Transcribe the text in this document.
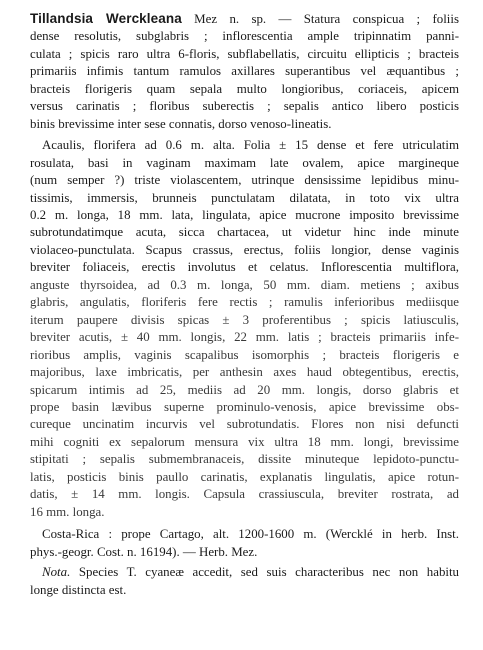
Tillandsia Werckleana Mez n. sp. — Statura conspicua ; foliis
dense resolutis, subglabris ; inflorescentia ample tripinnatim panni-
culata ; spicis raro ultra 6-floris, subflabellatis, circuitu ellipticis ; bracteis
primariis infimis tantum ramulos axillares superantibus vel æquantibus ;
bracteis florigeris quam sepala multo longioribus, coriaceis, apicem
versus carinatis ; floribus suberectis ; sepalis antico libero posticis
binis brevissime inter sese connatis, dorso venoso-lineatis.
Acaulis, florifera ad 0.6 m. alta. Folia ± 15 dense et fere utriculatim
rosulata, basi in vaginam maximam late ovalem, apice margineque
(num semper ?) triste violascentem, utrinque densissime lepidibus minu-
tissimis, immersis, brunneis punctulatam dilatata, in toto vix ultra
0.2 m. longa, 18 mm. lata, lingulata, apice mucrone imposito brevissime
subrotundatimque acuta, sicca chartacea, ut videtur hinc inde minute
violaceo-punctulata. Scapus crassus, erectus, foliis longior, dense vaginis
breviter foliaceis, erectis involutus et celatus. Inflorescentia multiflora,
anguste thyrsoidea, ad 0.3 m. longa, 50 mm. diam. metiens ; axibus
glabris, angulatis, floriferis fere rectis ; ramulis inferioribus mediisque
iterum paupere divisis spicas ± 3 proferentibus ; spicis latiusculis,
breviter acutis, ± 40 mm. longis, 22 mm. latis ; bracteis primariis infe-
rioribus amplis, vaginis scapalibus isomorphis ; bracteis florigeris e
majoribus, laxe imbricatis, per anthesin axes haud obtegentibus, erectis,
spicarum intimis ad 25, mediis ad 20 mm. longis, dorso glabris et
prope basin lævibus superne prominulo-venosis, apice brevissime obs-
cureque uncinatim incurvis vel subrotundatis. Flores non nisi defuncti
mihi cogniti ex sepalorum mensura vix ultra 18 mm. longi, brevissime
stipitati ; sepalis submembranaceis, dissite minuteque lepidoto-punctu-
latis, posticis binis paullo carinatis, explanatis lingulatis, apice rotun-
datis, ± 14 mm. longis. Capsula crassiuscula, breviter rostrata, ad
16 mm. longa.
Costa-Rica : prope Cartago, alt. 1200-1600 m. (Wercklé in herb. Inst.
phys.-geogr. Cost. n. 16194). — Herb. Mez.
Nota. Species T. cyaneæ accedit, sed suis characteribus nec non habitu
longe distincta est.
